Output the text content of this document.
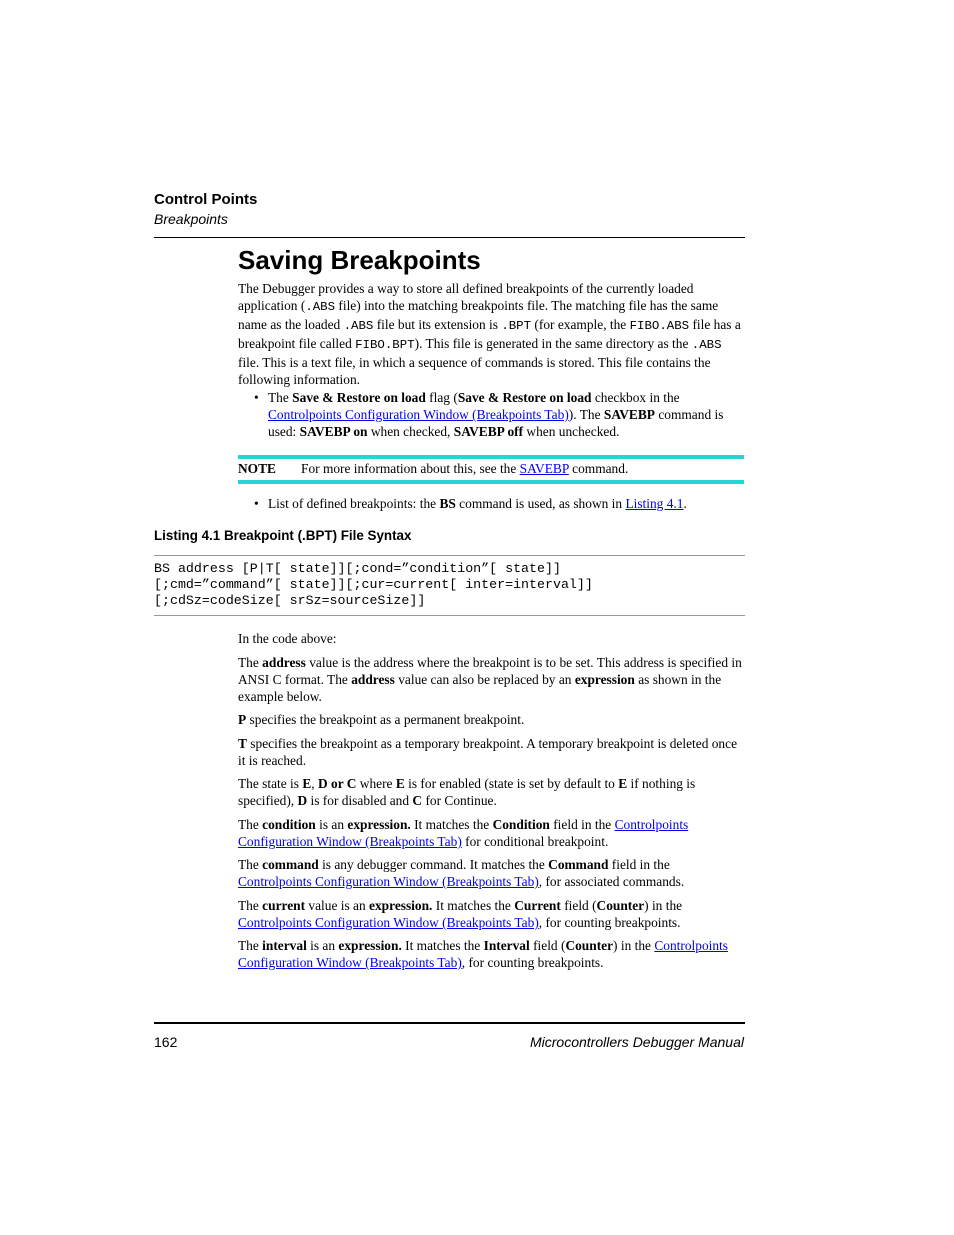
Control Points
Breakpoints
Saving Breakpoints

The Debugger provides a way to store all defined breakpoints of the currently loaded application (.ABS file) into the matching breakpoints file. The matching file has the same name as the loaded .ABS file but its extension is .BPT (for example, the FIBO.ABS file has a breakpoint file called FIBO.BPT). This file is generated in the same directory as the .ABS file. This is a text file, in which a sequence of commands is stored. This file contains the following information.

• The Save & Restore on load flag (Save & Restore on load checkbox in the Controlpoints Configuration Window (Breakpoints Tab)). The SAVEBP command is used: SAVEBP on when checked, SAVEBP off when unchecked.
NOTE For more information about this, see the SAVEBP command.
• List of defined breakpoints: the BS command is used, as shown in Listing 4.1.
Listing 4.1 Breakpoint (.BPT) File Syntax
BS address [P|T[ state]][;cond=”condition”[ state]]
[;cmd=”command”[ state]][;cur=current[ inter=interval]]
[;cdSz=codeSize[ srSz=sourceSize]]

In the code above:

The address value is the address where the breakpoint is to be set. This address is specified in ANSI C format. The address value can also be replaced by an expression as shown in the example below.

P specifies the breakpoint as a permanent breakpoint.

T specifies the breakpoint as a temporary breakpoint. A temporary breakpoint is deleted once it is reached.

The state is E, D or C where E is for enabled (state is set by default to E if nothing is specified), D is for disabled and C for Continue.

The condition is an expression. It matches the Condition field in the Controlpoints Configuration Window (Breakpoints Tab) for conditional breakpoint.

The command is any debugger command. It matches the Command field in the Controlpoints Configuration Window (Breakpoints Tab), for associated commands.

The current value is an expression. It matches the Current field (Counter) in the Controlpoints Configuration Window (Breakpoints Tab), for counting breakpoints.

The interval is an expression. It matches the Interval field (Counter) in the Controlpoints Configuration Window (Breakpoints Tab), for counting breakpoints.

162	Microcontrollers Debugger Manual
